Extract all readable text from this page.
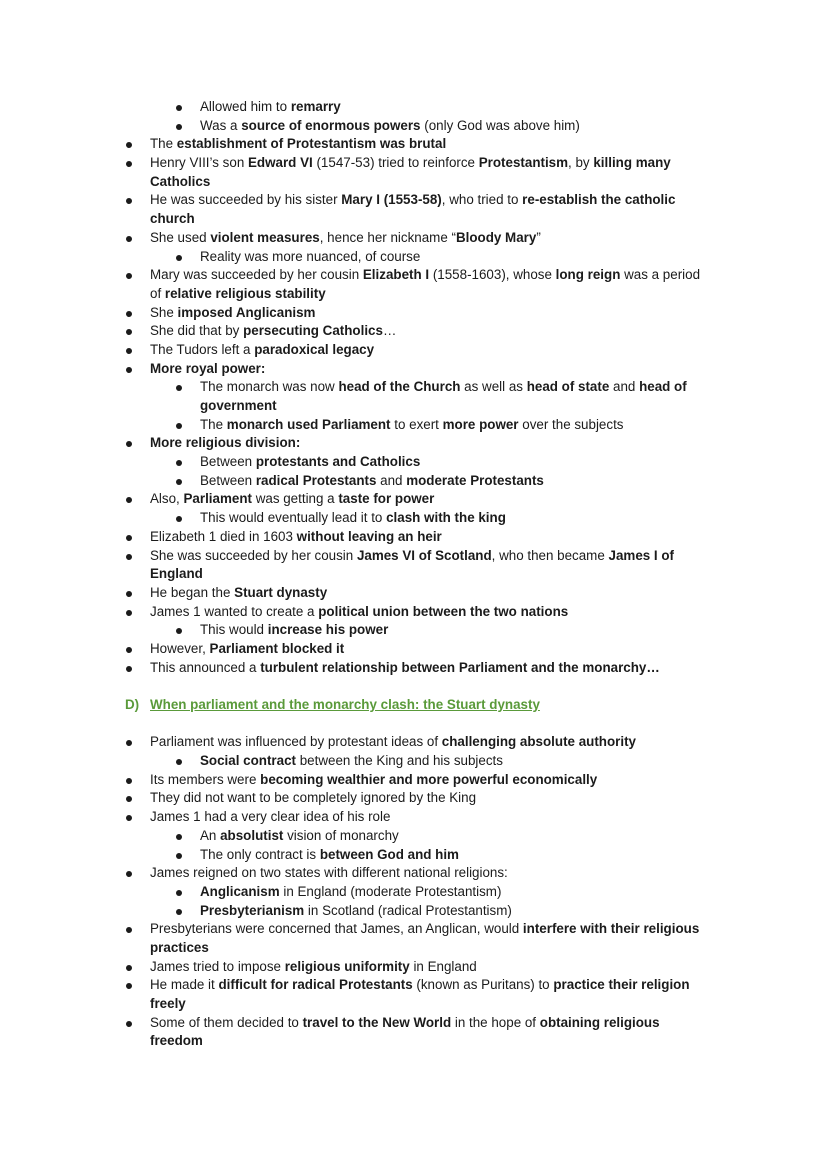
Allowed him to remarry
Was a source of enormous powers (only God was above him)
The establishment of Protestantism was brutal
Henry VIII’s son Edward VI (1547-53) tried to reinforce Protestantism, by killing many
Catholics
He was succeeded by his sister Mary I (1553-58), who tried to re-establish the catholic
church
She used violent measures, hence her nickname “Bloody Mary”
Reality was more nuanced, of course
Mary was succeeded by her cousin Elizabeth I (1558-1603), whose long reign was a period
of relative religious stability
She imposed Anglicanism
She did that by persecuting Catholics…
The Tudors left a paradoxical legacy
More royal power:
The monarch was now head of the Church as well as head of state and head of
government
The monarch used Parliament to exert more power over the subjects
More religious division:
Between protestants and Catholics
Between radical Protestants and moderate Protestants
Also, Parliament was getting a taste for power
This would eventually lead it to clash with the king
Elizabeth 1 died in 1603 without leaving an heir
She was succeeded by her cousin James VI of Scotland, who then became James I of
England
He began the Stuart dynasty
James 1 wanted to create a political union between the two nations
This would increase his power
However, Parliament blocked it
This announced a turbulent relationship between Parliament and the monarchy…
D) When parliament and the monarchy clash: the Stuart dynasty
Parliament was influenced by protestant ideas of challenging absolute authority
Social contract between the King and his subjects
Its members were becoming wealthier and more powerful economically
They did not want to be completely ignored by the King
James 1 had a very clear idea of his role
An absolutist vision of monarchy
The only contract is between God and him
James reigned on two states with different national religions:
Anglicanism in England (moderate Protestantism)
Presbyterianism in Scotland (radical Protestantism)
Presbyterians were concerned that James, an Anglican, would interfere with their religious
practices
James tried to impose religious uniformity in England
He made it difficult for radical Protestants (known as Puritans) to practice their religion
freely
Some of them decided to travel to the New World in the hope of obtaining religious
freedom
